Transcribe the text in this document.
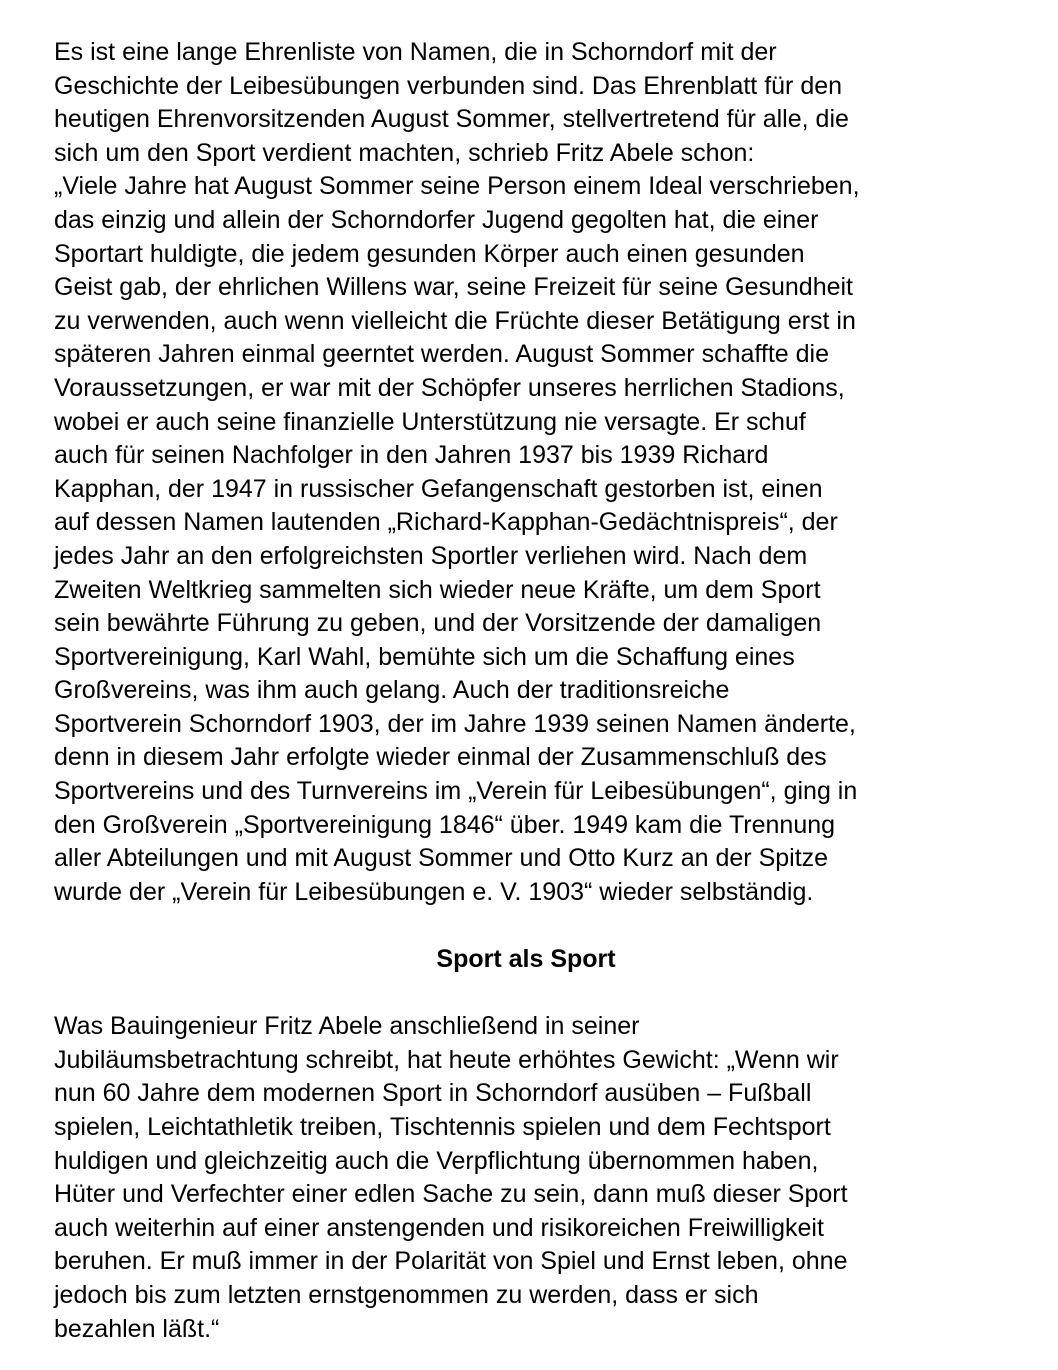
Es ist eine lange Ehrenliste von Namen, die in Schorndorf mit der
Geschichte der Leibesübungen verbunden sind. Das Ehrenblatt für den
heutigen Ehrenvorsitzenden August Sommer, stellvertretend für alle, die
sich um den Sport verdient machten, schrieb Fritz Abele schon:
„Viele Jahre hat August Sommer seine Person einem Ideal verschrieben,
das einzig und allein der Schorndorfer Jugend gegolten hat, die einer
Sportart huldigte, die jedem gesunden Körper auch einen gesunden
Geist gab, der ehrlichen Willens war, seine Freizeit für seine Gesundheit
zu verwenden, auch wenn vielleicht die Früchte dieser Betätigung erst in
späteren Jahren einmal geerntet werden. August Sommer schaffte die
Voraussetzungen, er war mit der Schöpfer unseres herrlichen Stadions,
wobei er auch seine finanzielle Unterstützung nie versagte. Er schuf
auch für seinen Nachfolger in den Jahren 1937 bis 1939 Richard
Kapphan, der 1947 in russischer Gefangenschaft gestorben ist, einen
auf dessen Namen lautenden „Richard-Kapphan-Gedächtnispreis“, der
jedes Jahr an den erfolgreichsten Sportler verliehen wird. Nach dem
Zweiten Weltkrieg sammelten sich wieder neue Kräfte, um dem Sport
sein bewährte Führung zu geben, und der Vorsitzende der damaligen
Sportvereinigung, Karl Wahl, bemühte sich um die Schaffung eines
Großvereins, was ihm auch gelang. Auch der traditionsreiche
Sportverein Schorndorf 1903, der im Jahre 1939 seinen Namen änderte,
denn in diesem Jahr erfolgte wieder einmal der Zusammenschluß des
Sportvereins und des Turnvereins im „Verein für Leibesübungen“, ging in
den Großverein „Sportvereinigung 1846“ über. 1949 kam die Trennung
aller Abteilungen und mit August Sommer und Otto Kurz an der Spitze
wurde der „Verein für Leibesübungen e. V. 1903“ wieder selbständig.
Sport als Sport
Was Bauingenieur Fritz Abele anschließend in seiner
Jubiläumsbetrachtung schreibt, hat heute erhöhtes Gewicht: „Wenn wir
nun 60 Jahre dem modernen Sport in Schorndorf ausüben – Fußball
spielen, Leichtathletik treiben, Tischtennis spielen und dem Fechtsport
huldigen und gleichzeitig auch die Verpflichtung übernommen haben,
Hüter und Verfechter einer edlen Sache zu sein, dann muß dieser Sport
auch weiterhin auf einer anstengenden und risikoreichen Freiwilligkeit
beruhen. Er muß immer in der Polarität von Spiel und Ernst leben, ohne
jedoch bis zum letzten ernstgenommen zu werden, dass er sich
bezahlen läßt.“
